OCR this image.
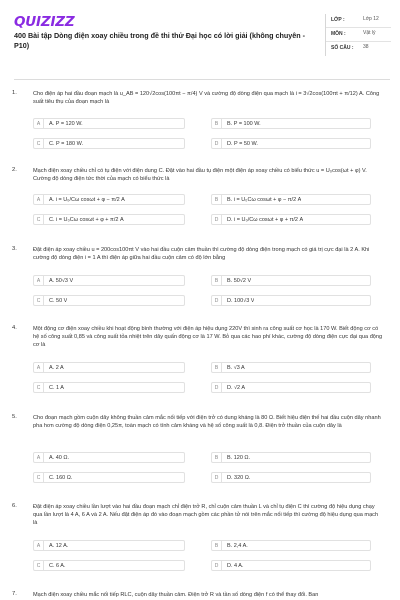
QUIZIZZ
400 Bài tập Dòng điện xoay chiều trong đề thi thử Đại học có lời giải (không chuyên - P10)
LỚP :	Lớp 12
MÔN :	Vật lý
SỐ CÂU :	38
1.	Cho điện áp hai đầu đoạn mạch là u_AB = 120√2cos(100πt − π/4) V và cường độ dòng điện qua mạch là i = 3√2cos(100πt + π/12) A. Công suất tiêu thụ của đoạn mạch là
A	A. P = 120 W.	B	B. P = 100 W.
C	C. P = 180 W.	D	D. P = 50 W.
2.	Mạch điện xoay chiều chỉ có tụ điện với điện dung C. Đặt vào hai đầu tụ điện một điện áp xoay chiều có biểu thức u = U₀cos(ωt + φ) V. Cường độ dòng điện tức thời của mạch có biểu thức là
A	A. i = U₀/Cω cosωt + φ − π/2 A	B	B. i = U₀Cω cosωt + φ − π/2 A
C	C. i = U₀Cω cosωt + φ + π/2 A	D	D. i = U₀/Cω cosωt + φ + π/2 A
3.	Đặt điện áp xoay chiều u = 200cos100πt V vào hai đầu cuộn cảm thuần thì cường độ dòng điện trong mạch có giá trị cực đại là 2 A. Khi cường độ dòng điện i = 1 A thì điện áp giữa hai đầu cuộn cảm có độ lớn bằng
A	A. 50√3 V	B	B. 50√2 V
C	C. 50 V	D	D. 100√3 V
4.	Một động cơ điện xoay chiều khi hoạt động bình thường với điện áp hiệu dụng 220V thì sinh ra công suất cơ học là 170 W. Biết động cơ có hệ số công suất 0,85 và công suất tỏa nhiệt trên dây quấn động cơ là 17 W. Bỏ qua các hao phí khác, cường độ dòng điện cực đại qua động cơ là
A	A. 2 A	B	B. √3 A
C	C. 1 A	D	D. √2 A
5.	Cho đoạn mạch gồm cuộn dây không thuần cảm mắc nối tiếp với điện trở có dung kháng là 80 Ω. Biết hiệu điện thế hai đầu cuộn dây nhanh pha hơn cường độ dòng điện 0,25π, toàn mạch có tính cảm kháng và hệ số công suất là 0,8. Điện trở thuần của cuộn dây là
A	A. 40 Ω.	B	B. 120 Ω.
C	C. 160 Ω.	D	D. 320 Ω.
6.	Đặt điện áp xoay chiều lần lượt vào hai đầu đoạn mạch chỉ điện trở R, chỉ cuộn cảm thuần L và chỉ tụ điện C thì cường độ hiệu dụng chạy qua lần lượt là 4 A, 6 A và 2 A. Nếu đặt điện áp đó vào đoạn mạch gồm các phần tử nói trên mắc nối tiếp thì cường độ hiệu dụng qua mạch là
A	A. 12 A.	B	B. 2,4 A.
C	C. 6 A.	D	D. 4 A.
7.	Mạch điện xoay chiều mắc nối tiếp RLC, cuộn dây thuần cảm. Điện trở R và tần số dòng điện f có thể thay đổi. Ban
